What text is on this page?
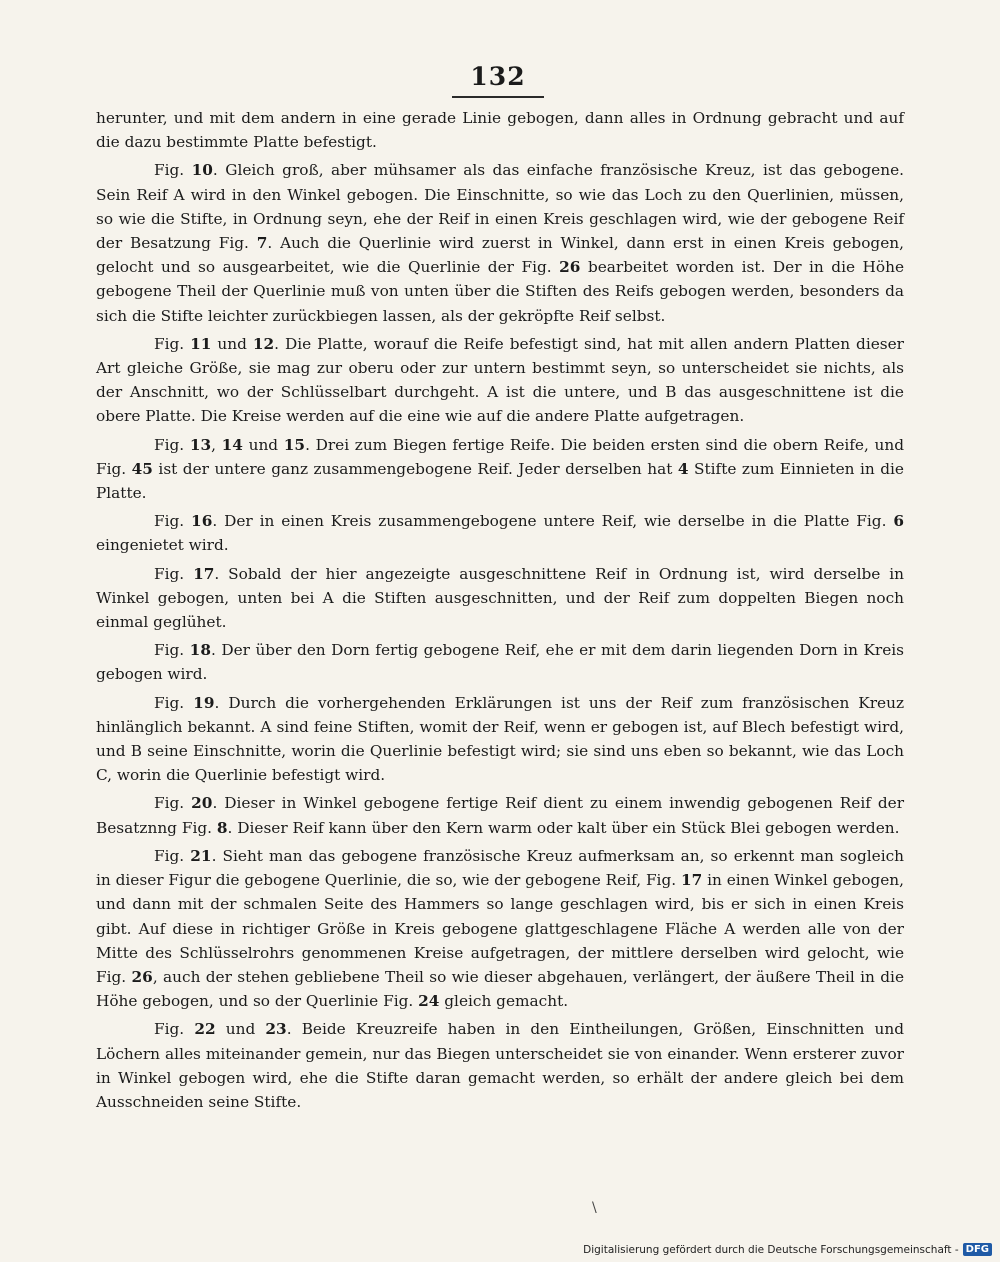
132

herunter, und mit dem andern in eine gerade Linie gebogen, dann alles in Ordnung gebracht und auf die dazu bestimmte Platte befestigt.

Fig. 10. Gleich groß, aber mühsamer als das einfache französische Kreuz, ist das gebogene. Sein Reif A wird in den Winkel gebogen. Die Einschnitte, so wie das Loch zu den Querlinien, müssen, so wie die Stifte, in Ordnung seyn, ehe der Reif in einen Kreis geschlagen wird, wie der gebogene Reif der Besatzung Fig. 7. Auch die Querlinie wird zuerst in Winkel, dann erst in einen Kreis gebogen, gelocht und so ausgearbeitet, wie die Querlinie der Fig. 26 bearbeitet worden ist. Der in die Höhe gebogene Theil der Querlinie muß von unten über die Stiften des Reifs gebogen werden, besonders da sich die Stifte leichter zurückbiegen lassen, als der gekröpfte Reif selbst.

Fig. 11 und 12. Die Platte, worauf die Reife befestigt sind, hat mit allen andern Platten dieser Art gleiche Größe, sie mag zur oberu oder zur untern bestimmt seyn, so unterscheidet sie nichts, als der Anschnitt, wo der Schlüsselbart durchgeht. A ist die untere, und B das ausgeschnittene ist die obere Platte. Die Kreise werden auf die eine wie auf die andere Platte aufgetragen.

Fig. 13, 14 und 15. Drei zum Biegen fertige Reife. Die beiden ersten sind die obern Reife, und Fig. 45 ist der untere ganz zusammengebogene Reif. Jeder derselben hat 4 Stifte zum Einnieten in die Platte.

Fig. 16. Der in einen Kreis zusammengebogene untere Reif, wie derselbe in die Platte Fig. 6 eingenietet wird.

Fig. 17. Sobald der hier angezeigte ausgeschnittene Reif in Ordnung ist, wird derselbe in Winkel gebogen, unten bei A die Stiften ausgeschnitten, und der Reif zum doppelten Biegen noch einmal geglühet.

Fig. 18. Der über den Dorn fertig gebogene Reif, ehe er mit dem darin liegenden Dorn in Kreis gebogen wird.

Fig. 19. Durch die vorhergehenden Erklärungen ist uns der Reif zum französischen Kreuz hinlänglich bekannt. A sind feine Stiften, womit der Reif, wenn er gebogen ist, auf Blech befestigt wird, und B seine Einschnitte, worin die Querlinie befestigt wird; sie sind uns eben so bekannt, wie das Loch C, worin die Querlinie befestigt wird.

Fig. 20. Dieser in Winkel gebogene fertige Reif dient zu einem inwendig gebogenen Reif der Besatznng Fig. 8. Dieser Reif kann über den Kern warm oder kalt über ein Stück Blei gebogen werden.

Fig. 21. Sieht man das gebogene französische Kreuz aufmerksam an, so erkennt man sogleich in dieser Figur die gebogene Querlinie, die so, wie der gebogene Reif, Fig. 17 in einen Winkel gebogen, und dann mit der schmalen Seite des Hammers so lange geschlagen wird, bis er sich in einen Kreis gibt. Auf diese in richtiger Größe in Kreis gebogene glattgeschlagene Fläche A werden alle von der Mitte des Schlüsselrohrs genommenen Kreise aufgetragen, der mittlere derselben wird gelocht, wie Fig. 26, auch der stehen gebliebene Theil so wie dieser abgehauen, verlängert, der äußere Theil in die Höhe gebogen, und so der Querlinie Fig. 24 gleich gemacht.

Fig. 22 und 23. Beide Kreuzreife haben in den Eintheilungen, Größen, Einschnitten und Löchern alles miteinander gemein, nur das Biegen unterscheidet sie von einander. Wenn ersterer zuvor in Winkel gebogen wird, ehe die Stifte daran gemacht werden, so erhält der andere gleich bei dem Ausschneiden seine Stifte.

\
Digitalisierung gefördert durch die Deutsche Forschungsgemeinschaft - DFG
